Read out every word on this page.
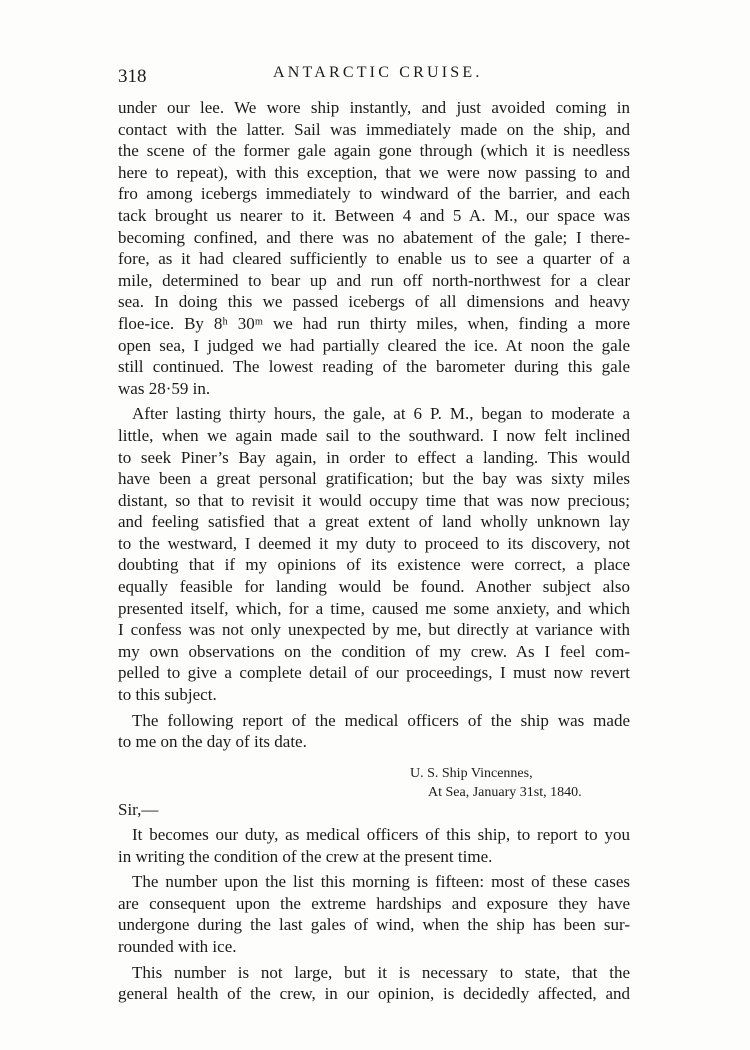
318	ANTARCTIC CRUISE.
under our lee. We wore ship instantly, and just avoided coming in
contact with the latter. Sail was immediately made on the ship, and
the scene of the former gale again gone through (which it is needless
here to repeat), with this exception, that we were now passing to and
fro among icebergs immediately to windward of the barrier, and each
tack brought us nearer to it. Between 4 and 5 A. M., our space was
becoming confined, and there was no abatement of the gale; I there-
fore, as it had cleared sufficiently to enable us to see a quarter of a
mile, determined to bear up and run off north-northwest for a clear
sea. In doing this we passed icebergs of all dimensions and heavy
floe-ice. By 8ʰ 30ᵐ we had run thirty miles, when, finding a more
open sea, I judged we had partially cleared the ice. At noon the gale
still continued. The lowest reading of the barometer during this gale
was 28·59 in.
After lasting thirty hours, the gale, at 6 P. M., began to moderate a
little, when we again made sail to the southward. I now felt inclined
to seek Piner’s Bay again, in order to effect a landing. This would
have been a great personal gratification; but the bay was sixty miles
distant, so that to revisit it would occupy time that was now precious;
and feeling satisfied that a great extent of land wholly unknown lay
to the westward, I deemed it my duty to proceed to its discovery, not
doubting that if my opinions of its existence were correct, a place
equally feasible for landing would be found. Another subject also
presented itself, which, for a time, caused me some anxiety, and which
I confess was not only unexpected by me, but directly at variance with
my own observations on the condition of my crew. As I feel com-
pelled to give a complete detail of our proceedings, I must now revert
to this subject.
The following report of the medical officers of the ship was made
to me on the day of its date.
U. S. Ship Vincennes,
At Sea, January 31st, 1840.
Sir,—
It becomes our duty, as medical officers of this ship, to report to you
in writing the condition of the crew at the present time.
The number upon the list this morning is fifteen: most of these cases
are consequent upon the extreme hardships and exposure they have
undergone during the last gales of wind, when the ship has been sur-
rounded with ice.
This number is not large, but it is necessary to state, that the
general health of the crew, in our opinion, is decidedly affected, and
